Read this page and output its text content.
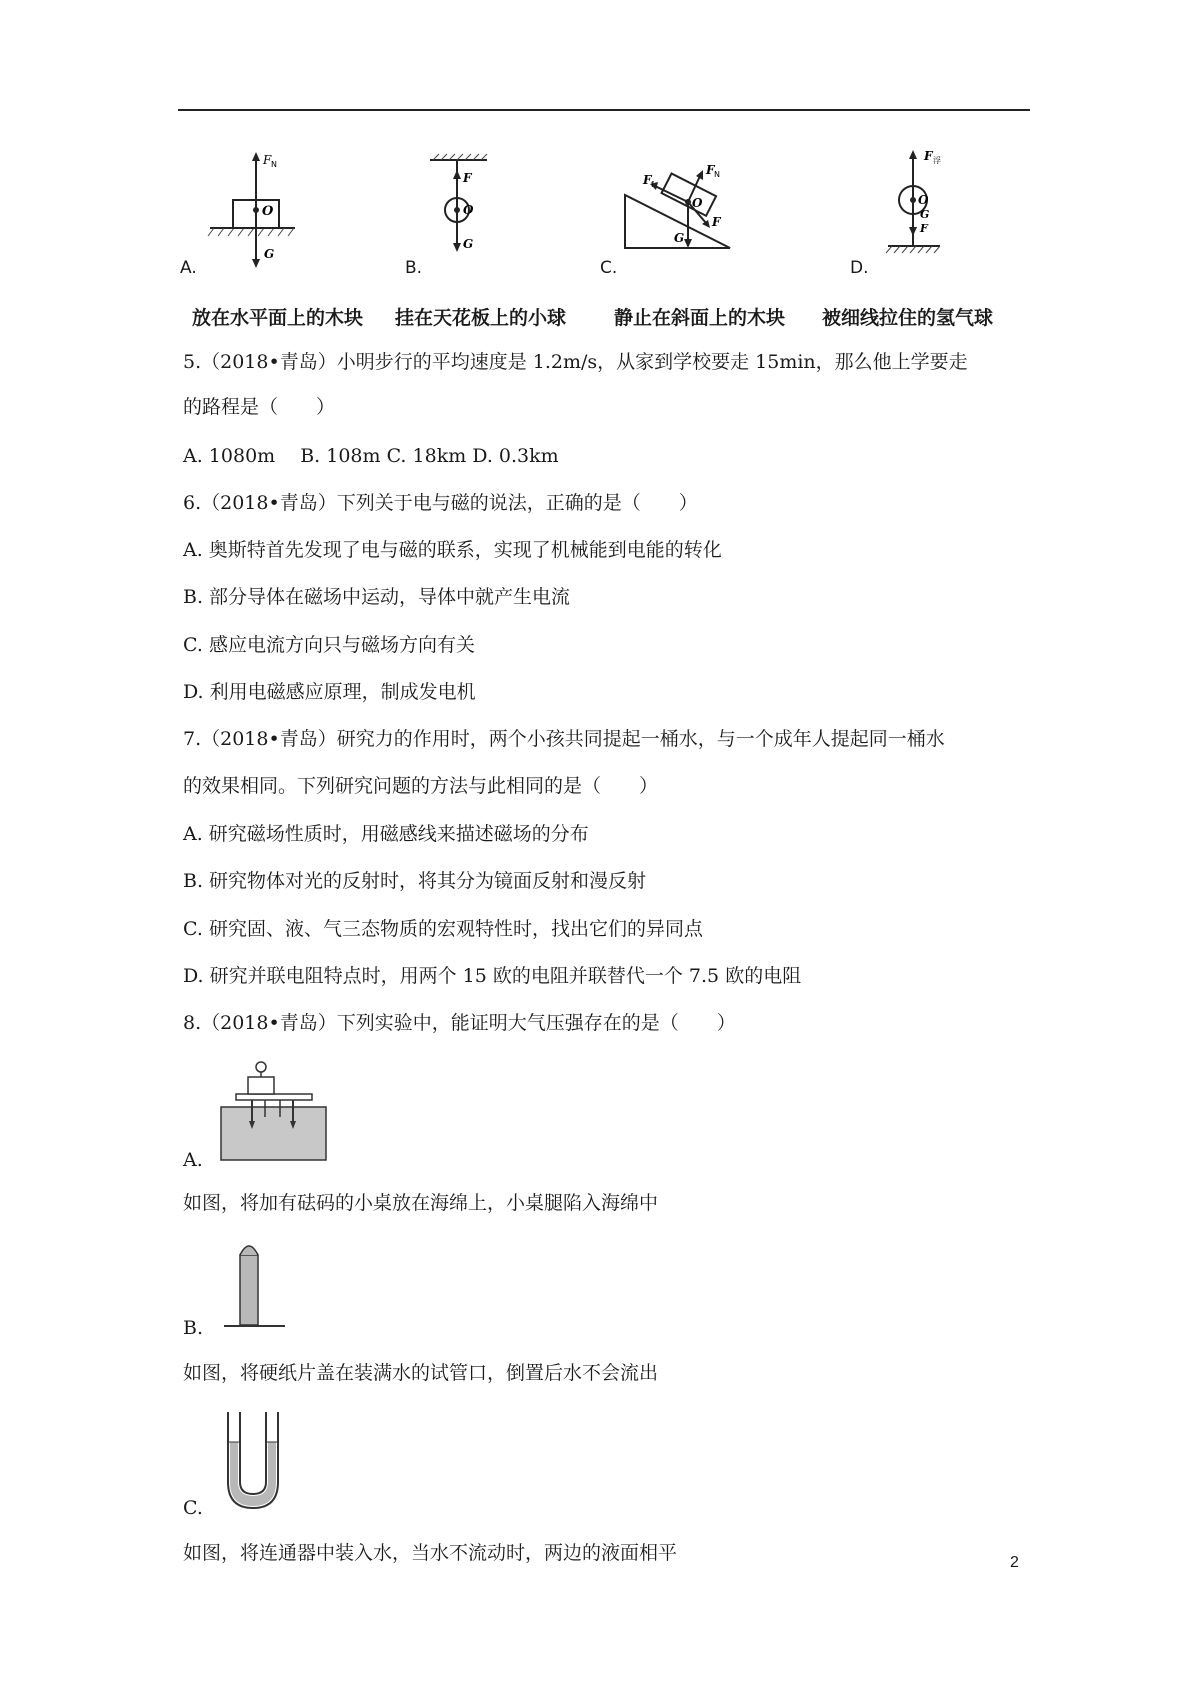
F N
O
G
A.
F
O
G
B.
F N
F f
O
F
G
C.
F 浮
O
G
F
D.
放在水平面上的木块 挂在天花板上的小球	静止在斜面上的木块 被细线拉住的氢气球
5.（2018•青岛）小明步行的平均速度是 1.2m/s，从家到学校要走 15min，那么他上学要走
的路程是（　　）
A. 1080m　 B. 108m C. 18km D. 0.3km
6.（2018•青岛）下列关于电与磁的说法，正确的是（　　）
A. 奥斯特首先发现了电与磁的联系，实现了机械能到电能的转化
B. 部分导体在磁场中运动，导体中就产生电流
C. 感应电流方向只与磁场方向有关
D. 利用电磁感应原理，制成发电机
7.（2018•青岛）研究力的作用时，两个小孩共同提起一桶水，与一个成年人提起同一桶水
的效果相同。下列研究问题的方法与此相同的是（　　）
A. 研究磁场性质时，用磁感线来描述磁场的分布
B. 研究物体对光的反射时，将其分为镜面反射和漫反射
C. 研究固、液、气三态物质的宏观特性时，找出它们的异同点
D. 研究并联电阻特点时，用两个 15 欧的电阻并联替代一个 7.5 欧的电阻
8.（2018•青岛）下列实验中，能证明大气压强存在的是（　　）
A.
如图，将加有砝码的小桌放在海绵上，小桌腿陷入海绵中
B.
如图，将硬纸片盖在装满水的试管口，倒置后水不会流出
C.
如图，将连通器中装入水，当水不流动时，两边的液面相平	2
